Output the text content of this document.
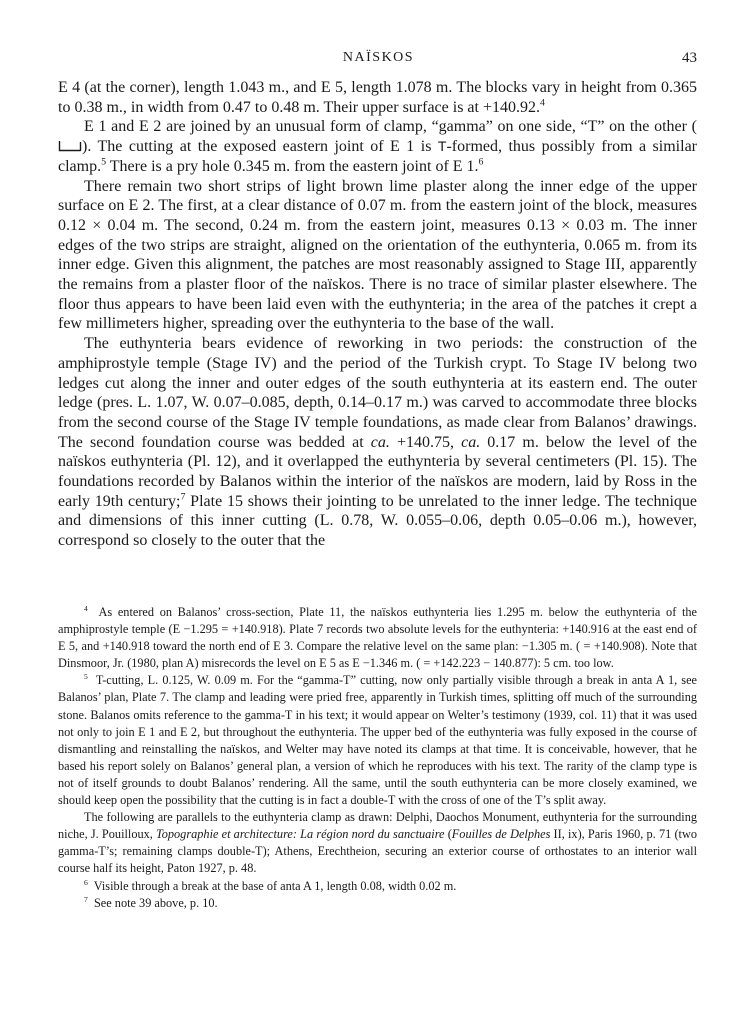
NAÏSKOS	43

E 4 (at the corner), length 1.043 m., and E 5, length 1.078 m. The blocks vary in height from 0.365 to 0.38 m., in width from 0.47 to 0.48 m. Their upper surface is at +140.92.$^4$

E 1 and E 2 are joined by an unusual form of clamp, “gamma” on one side, “T” on the other (). The cutting at the exposed eastern joint of E 1 is T-formed, thus possibly from a similar clamp.$^5$ There is a pry hole 0.345 m. from the eastern joint of E 1.$^6$

There remain two short strips of light brown lime plaster along the inner edge of the upper surface on E 2. The first, at a clear distance of 0.07 m. from the eastern joint of the block, measures 0.12 × 0.04 m. The second, 0.24 m. from the eastern joint, measures 0.13 × 0.03 m. The inner edges of the two strips are straight, aligned on the orientation of the euthynteria, 0.065 m. from its inner edge. Given this alignment, the patches are most reasonably assigned to Stage III, apparently the remains from a plaster floor of the naïskos. There is no trace of similar plaster elsewhere. The floor thus appears to have been laid even with the euthynteria; in the area of the patches it crept a few millimeters higher, spreading over the euthynteria to the base of the wall.

The euthynteria bears evidence of reworking in two periods: the construction of the amphiprostyle temple (Stage IV) and the period of the Turkish crypt. To Stage IV belong two ledges cut along the inner and outer edges of the south euthynteria at its eastern end. The outer ledge (pres. L. 1.07, W. 0.07–0.085, depth, 0.14–0.17 m.) was carved to accommodate three blocks from the second course of the Stage IV temple foundations, as made clear from Balanos’ drawings. The second foundation course was bedded at ca. +140.75, ca. 0.17 m. below the level of the naïskos euthynteria (Pl. 12), and it overlapped the euthynteria by several centimeters (Pl. 15). The foundations recorded by Balanos within the interior of the naïskos are modern, laid by Ross in the early 19th century;$^7$ Plate 15 shows their jointing to be unrelated to the inner ledge. The technique and dimensions of this inner cutting (L. 0.78, W. 0.055–0.06, depth 0.05–0.06 m.), however, correspond so closely to the outer that the

$^4$ As entered on Balanos’ cross-section, Plate 11, the naïskos euthynteria lies 1.295 m. below the euthynteria of the amphiprostyle temple (E −1.295 = +140.918). Plate 7 records two absolute levels for the euthynteria: +140.916 at the east end of E 5, and +140.918 toward the north end of E 3. Compare the relative level on the same plan: −1.305 m. ( = +140.908). Note that Dinsmoor, Jr. (1980, plan A) misrecords the level on E 5 as E −1.346 m. ( = +142.223 − 140.877): 5 cm. too low.

$^5$ T-cutting, L. 0.125, W. 0.09 m. For the “gamma-T” cutting, now only partially visible through a break in anta A 1, see Balanos’ plan, Plate 7. The clamp and leading were pried free, apparently in Turkish times, splitting off much of the surrounding stone. Balanos omits reference to the gamma-T in his text; it would appear on Welter’s testimony (1939, col. 11) that it was used not only to join E 1 and E 2, but throughout the euthynteria. The upper bed of the euthynteria was fully exposed in the course of dismantling and reinstalling the naïskos, and Welter may have noted its clamps at that time. It is conceivable, however, that he based his report solely on Balanos’ general plan, a version of which he reproduces with his text. The rarity of the clamp type is not of itself grounds to doubt Balanos’ rendering. All the same, until the south euthynteria can be more closely examined, we should keep open the possibility that the cutting is in fact a double-T with the cross of one of the T’s split away.

The following are parallels to the euthynteria clamp as drawn: Delphi, Daochos Monument, euthynteria for the surrounding niche, J. Pouilloux, Topographie et architecture: La région nord du sanctuaire (Fouilles de Delphes II, ix), Paris 1960, p. 71 (two gamma-T’s; remaining clamps double-T); Athens, Erechtheion, securing an exterior course of orthostates to an interior wall course half its height, Paton 1927, p. 48.

$^6$ Visible through a break at the base of anta A 1, length 0.08, width 0.02 m.

$^7$ See note 39 above, p. 10.
